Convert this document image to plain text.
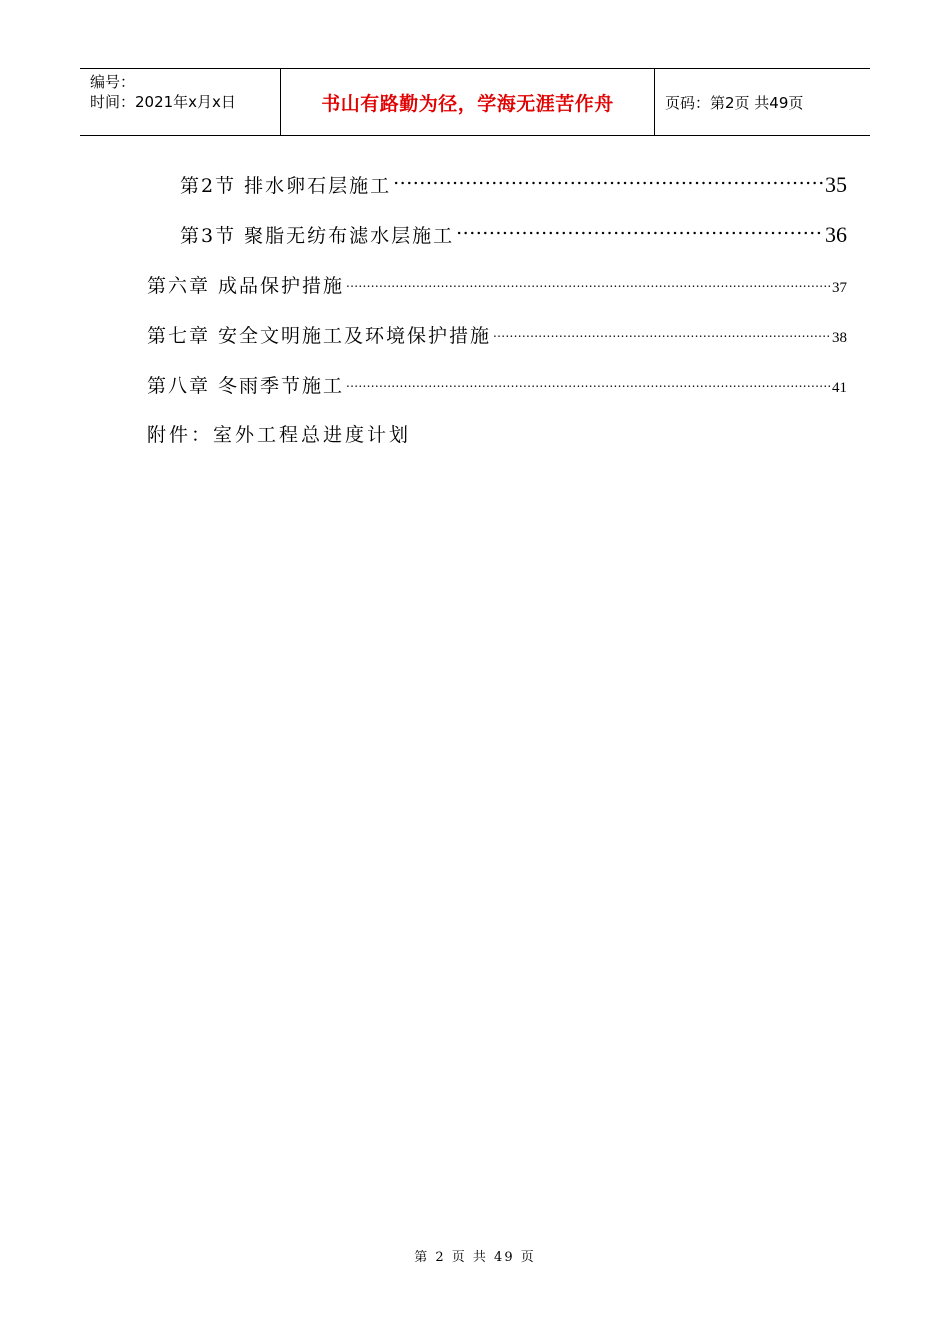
编号：
时间：2021年x月x日	书山有路勤为径，学海无涯苦作舟	页码：第2页 共49页
第2节 排水卵石层施工 .....	35
第3节 聚脂无纺布滤水层施工 .....	36
第六章 成品保护措施 .....	37
第七章 安全文明施工及环境保护措施 .....	38
第八章 冬雨季节施工 .....	41
附件：室外工程总进度计划
第 2 页 共 49 页
